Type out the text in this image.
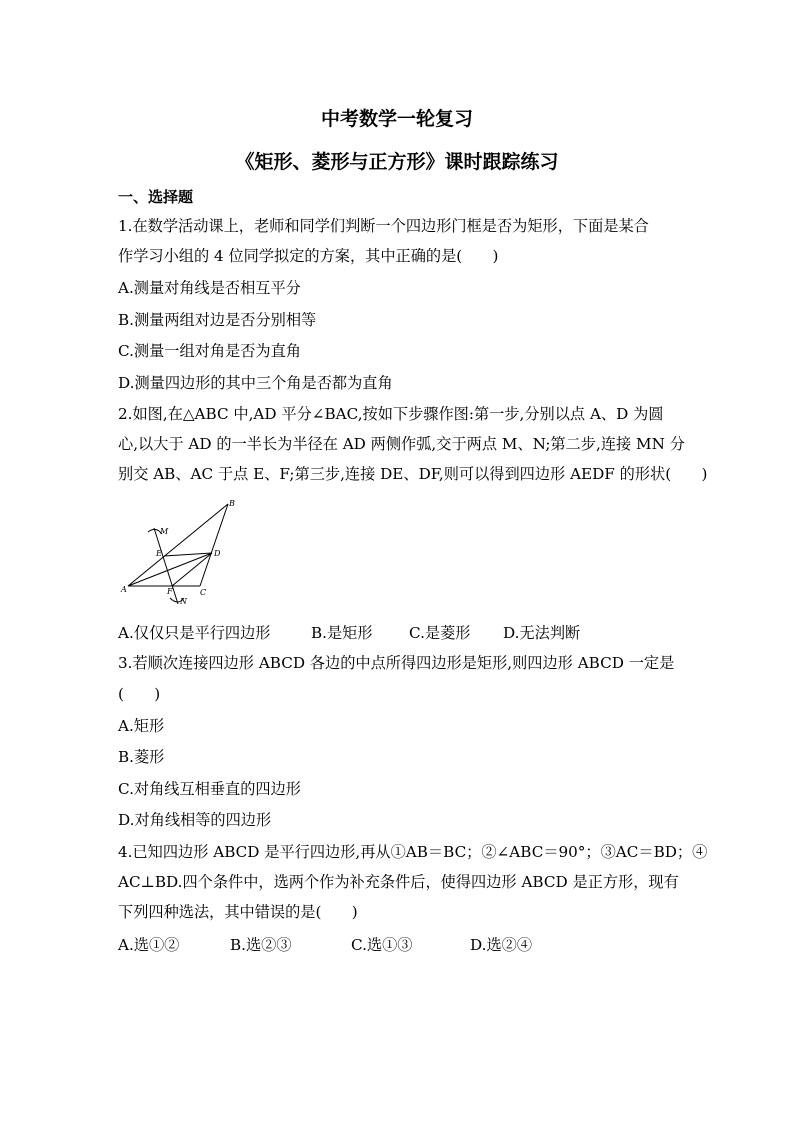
中考数学一轮复习
《矩形、菱形与正方形》课时跟踪练习
一、选择题
1.在数学活动课上，老师和同学们判断一个四边形门框是否为矩形，下面是某合
作学习小组的 4 位同学拟定的方案，其中正确的是(　　)
A.测量对角线是否相互平分
B.测量两组对边是否分别相等
C.测量一组对角是否为直角
D.测量四边形的其中三个角是否都为直角
2.如图,在△ABC 中,AD 平分∠BAC,按如下步骤作图:第一步,分别以点 A、D 为圆
心,以大于 AD 的一半长为半径在 AD 两侧作弧,交于两点 M、N;第二步,连接 MN 分
别交 AB、AC 于点 E、F;第三步,连接 DE、DF,则可以得到四边形 AEDF 的形状(　　)
A
B
C
D
E
F
M
N
A.仅仅只是平行四边形	B.是矩形 C.是菱形 D.无法判断
3.若顺次连接四边形 ABCD 各边的中点所得四边形是矩形,则四边形 ABCD 一定是
(　　)
A.矩形
B.菱形
C.对角线互相垂直的四边形
D.对角线相等的四边形
4.已知四边形 ABCD 是平行四边形,再从①AB＝BC；②∠ABC＝90°；③AC＝BD；④
AC⊥BD.四个条件中，选两个作为补充条件后，使得四边形 ABCD 是正方形，现有
下列四种选法，其中错误的是(　　)
A.选①②	B.选②③	C.选①③	D.选②④
